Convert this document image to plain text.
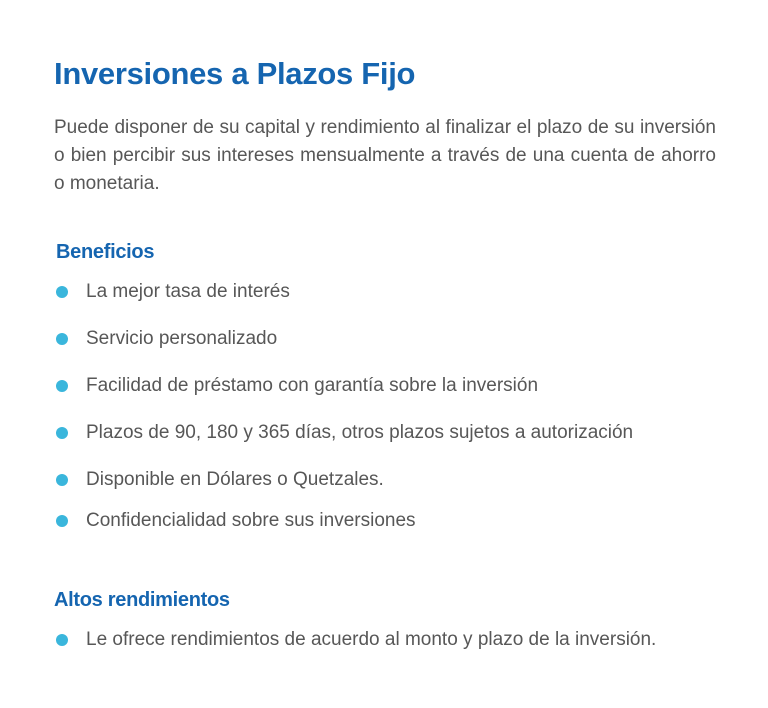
Inversiones a Plazos Fijo

Puede disponer de su capital y rendimiento al finalizar el plazo de su inversión o bien percibir sus intereses mensualmente a través de una cuenta de ahorro o monetaria.

Beneficios
La mejor tasa de interés
Servicio personalizado
Facilidad de préstamo con garantía sobre la inversión
Plazos de 90, 180 y 365 días, otros plazos sujetos a autorización
Disponible en Dólares o Quetzales.
Confidencialidad sobre sus inversiones
Altos rendimientos
Le ofrece rendimientos de acuerdo al monto y plazo de la inversión.
